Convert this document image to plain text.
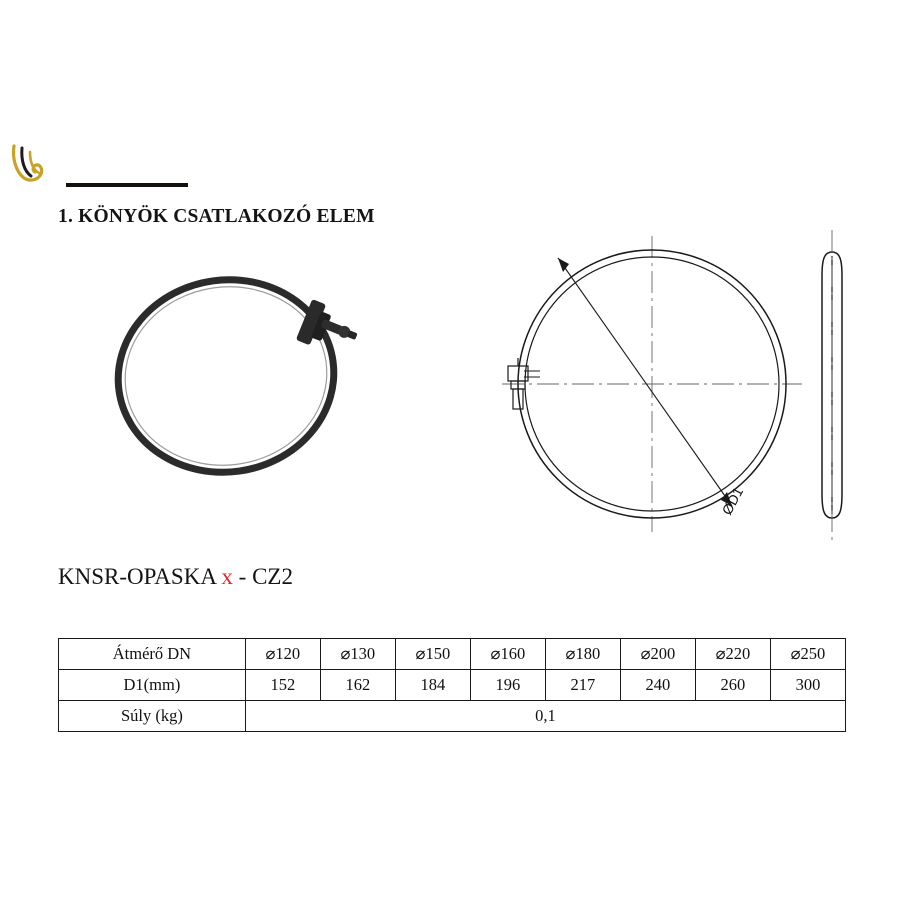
1. KÖNYÖK CSATLAKOZÓ ELEM
ØD1
KNSR-OPASKA x - CZ2
Átmérő DN	⌀120	⌀130	⌀150	⌀160	⌀180	⌀200	⌀220	⌀250
D1(mm)	152	162	184	196	217	240	260	300
Súly (kg)	0,1							
